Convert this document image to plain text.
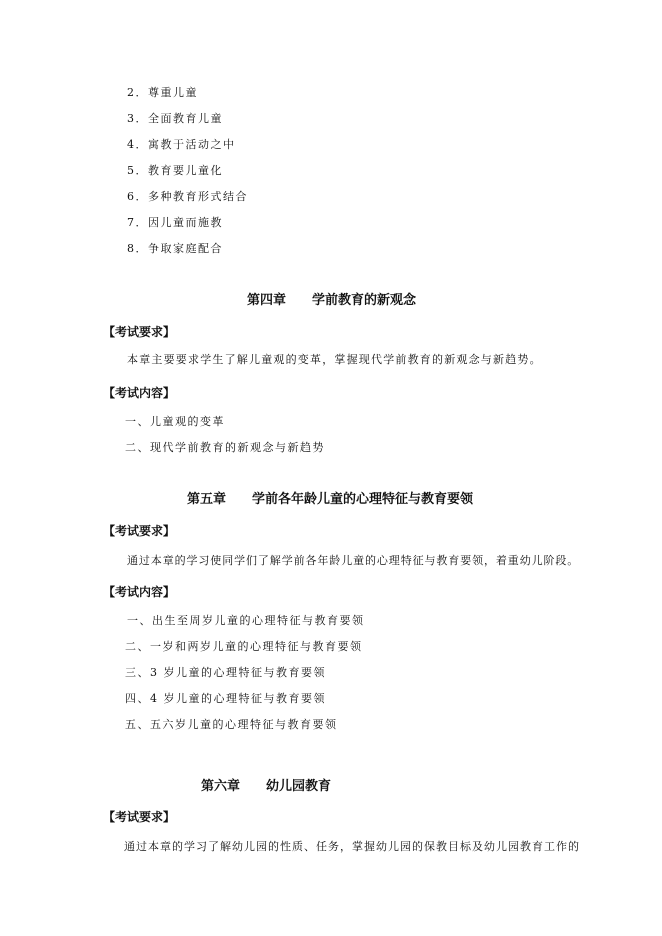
2．尊重儿童
3．全面教育儿童
4．寓教于活动之中
5．教育要儿童化
6．多种教育形式结合
7．因儿童而施教
8．争取家庭配合
第四章　　学前教育的新观念
【考试要求】
本章主要要求学生了解儿童观的变革，掌握现代学前教育的新观念与新趋势。
【考试内容】
一、儿童观的变革
二、现代学前教育的新观念与新趋势
第五章　　学前各年龄儿童的心理特征与教育要领
【考试要求】
通过本章的学习使同学们了解学前各年龄儿童的心理特征与教育要领，着重幼儿阶段。
【考试内容】
一、出生至周岁儿童的心理特征与教育要领
二、一岁和两岁儿童的心理特征与教育要领
三、3 岁儿童的心理特征与教育要领
四、4 岁儿童的心理特征与教育要领
五、五六岁儿童的心理特征与教育要领
第六章　　幼儿园教育
【考试要求】
通过本章的学习了解幼儿园的性质、任务，掌握幼儿园的保教目标及幼儿园教育工作的
